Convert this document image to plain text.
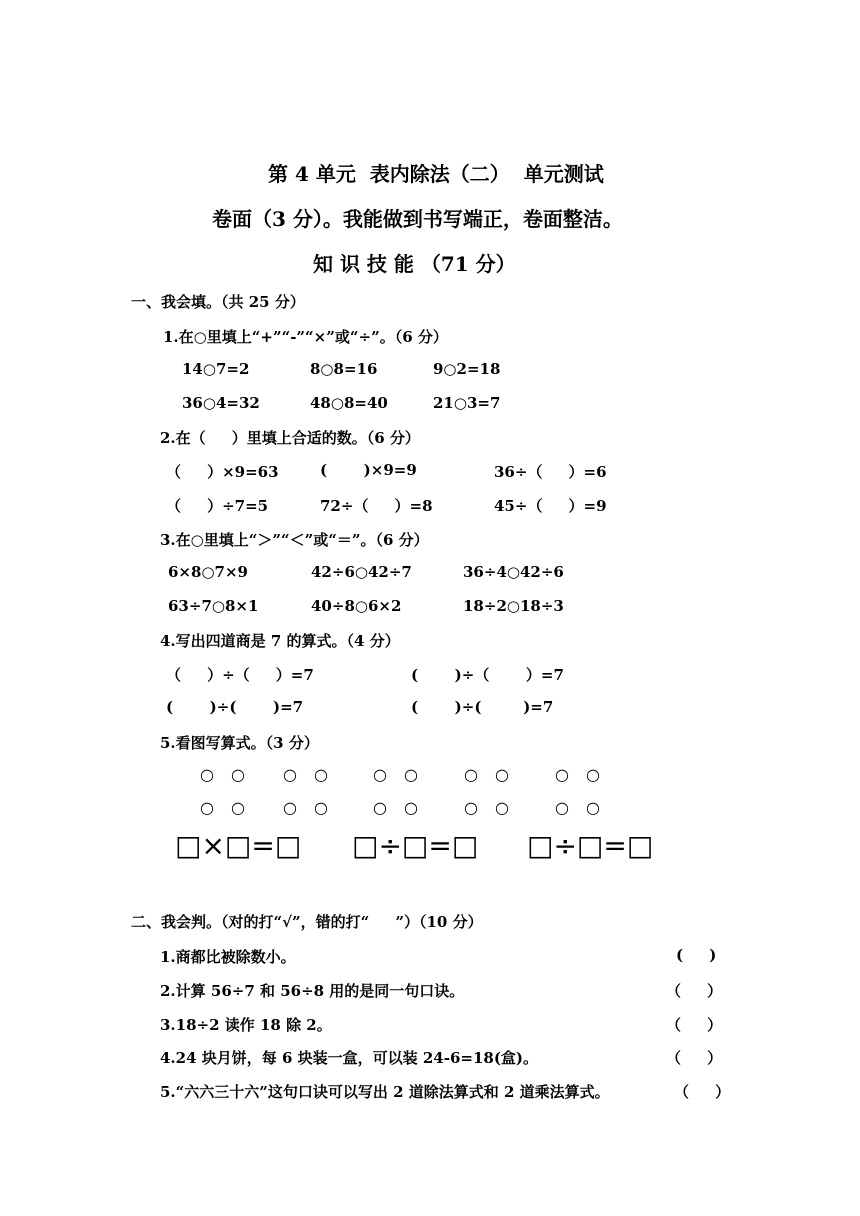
第 4 单元  表内除法（二）  单元测试
卷面（3 分）。我能做到书写端正，卷面整洁。
知 识 技 能 （71 分）
一、我会填。（共 25 分）
1.在○里填上“+”“-”“×”或“÷”。（6 分）
14○7=2	8○8=16	9○2=18
36○4=32	48○8=40	21○3=7
2.在（     ）里填上合适的数。（6 分）
（     ）×9=63	(       )×9=9	36÷（     ）=6
（     ）÷7=5	72÷（     ）=8	45÷（     ）=9
3.在○里填上“＞”“＜”或“＝”。（6 分）
6×8○7×9	42÷6○42÷7	36÷4○42÷6
63÷7○8×1	40÷8○6×2	18÷2○18÷3
4.写出四道商是 7 的算式。（4 分）
（     ）÷（     ）=7	(       )÷（       ）=7
(       )÷(       )=7	(       )÷(        )=7
5.看图写算式。（3 分）
○ ○ ○ ○ ○ ○ ○ ○ ○ ○
○ ○ ○ ○ ○ ○ ○ ○ ○ ○
□×□=□ □÷□=□ □÷□=□
二、我会判。（对的打“√”，错的打“     ”）（10 分）
1.商都比被除数小。	(     )
2.计算 56÷7 和 56÷8 用的是同一句口诀。	（     ）
3.18÷2 读作 18 除 2。	（     ）
4.24 块月饼，每 6 块装一盒，可以装 24-6=18(盒)。	（     ）
5.“六六三十六”这句口诀可以写出 2 道除法算式和 2 道乘法算式。	（     ）
